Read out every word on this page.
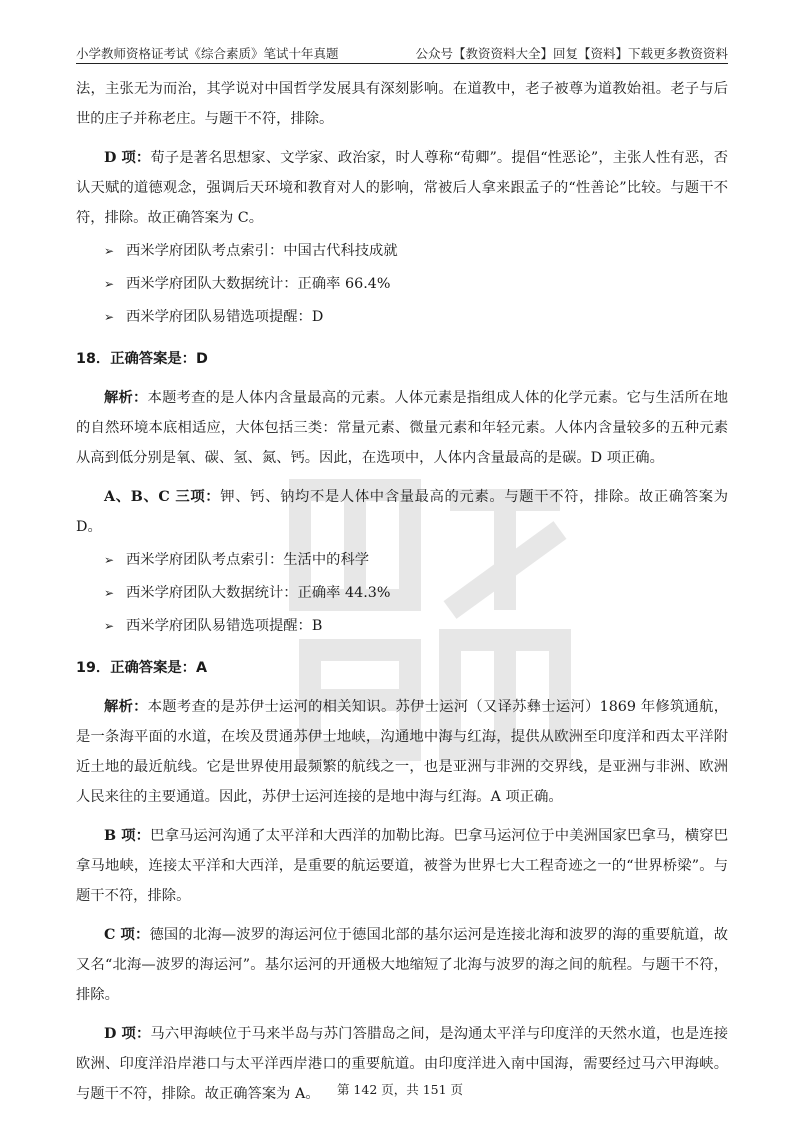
小学教师资格证考试《综合素质》笔试十年真题	公众号【教资资料大全】回复【资料】下载更多教资资料

法，主张无为而治，其学说对中国哲学发展具有深刻影响。在道教中，老子被尊为道教始祖。老子与后世的庄子并称老庄。与题干不符，排除。

D 项：荀子是著名思想家、文学家、政治家，时人尊称“荀卿”。提倡“性恶论”，主张人性有恶，否认天赋的道德观念，强调后天环境和教育对人的影响，常被后人拿来跟孟子的“性善论”比较。与题干不符，排除。故正确答案为 C。

➢ 西米学府团队考点索引：中国古代科技成就

➢ 西米学府团队大数据统计：正确率 66.4%

➢ 西米学府团队易错选项提醒：D

18．正确答案是：D

解析：本题考查的是人体内含量最高的元素。人体元素是指组成人体的化学元素。它与生活所在地的自然环境本底相适应，大体包括三类：常量元素、微量元素和年轻元素。人体内含量较多的五种元素从高到低分别是氧、碳、氢、氮、钙。因此，在选项中，人体内含量最高的是碳。D 项正确。

A、B、C 三项：钾、钙、钠均不是人体中含量最高的元素。与题干不符，排除。故正确答案为 D。

➢ 西米学府团队考点索引：生活中的科学

➢ 西米学府团队大数据统计：正确率 44.3%

➢ 西米学府团队易错选项提醒：B

19．正确答案是：A

解析：本题考查的是苏伊士运河的相关知识。苏伊士运河（又译苏彝士运河）1869 年修筑通航，是一条海平面的水道，在埃及贯通苏伊士地峡，沟通地中海与红海，提供从欧洲至印度洋和西太平洋附近土地的最近航线。它是世界使用最频繁的航线之一，也是亚洲与非洲的交界线，是亚洲与非洲、欧洲人民来往的主要通道。因此，苏伊士运河连接的是地中海与红海。A 项正确。

B 项：巴拿马运河沟通了太平洋和大西洋的加勒比海。巴拿马运河位于中美洲国家巴拿马，横穿巴拿马地峡，连接太平洋和大西洋，是重要的航运要道，被誉为世界七大工程奇迹之一的“世界桥梁”。与题干不符，排除。

C 项：德国的北海—波罗的海运河位于德国北部的基尔运河是连接北海和波罗的海的重要航道，故又名“北海—波罗的海运河”。基尔运河的开通极大地缩短了北海与波罗的海之间的航程。与题干不符，排除。

D 项：马六甲海峡位于马来半岛与苏门答腊岛之间，是沟通太平洋与印度洋的天然水道，也是连接欧洲、印度洋沿岸港口与太平洋西岸港口的重要航道。由印度洋进入南中国海，需要经过马六甲海峡。与题干不符，排除。故正确答案为 A。	第 142 页，共 151 页
